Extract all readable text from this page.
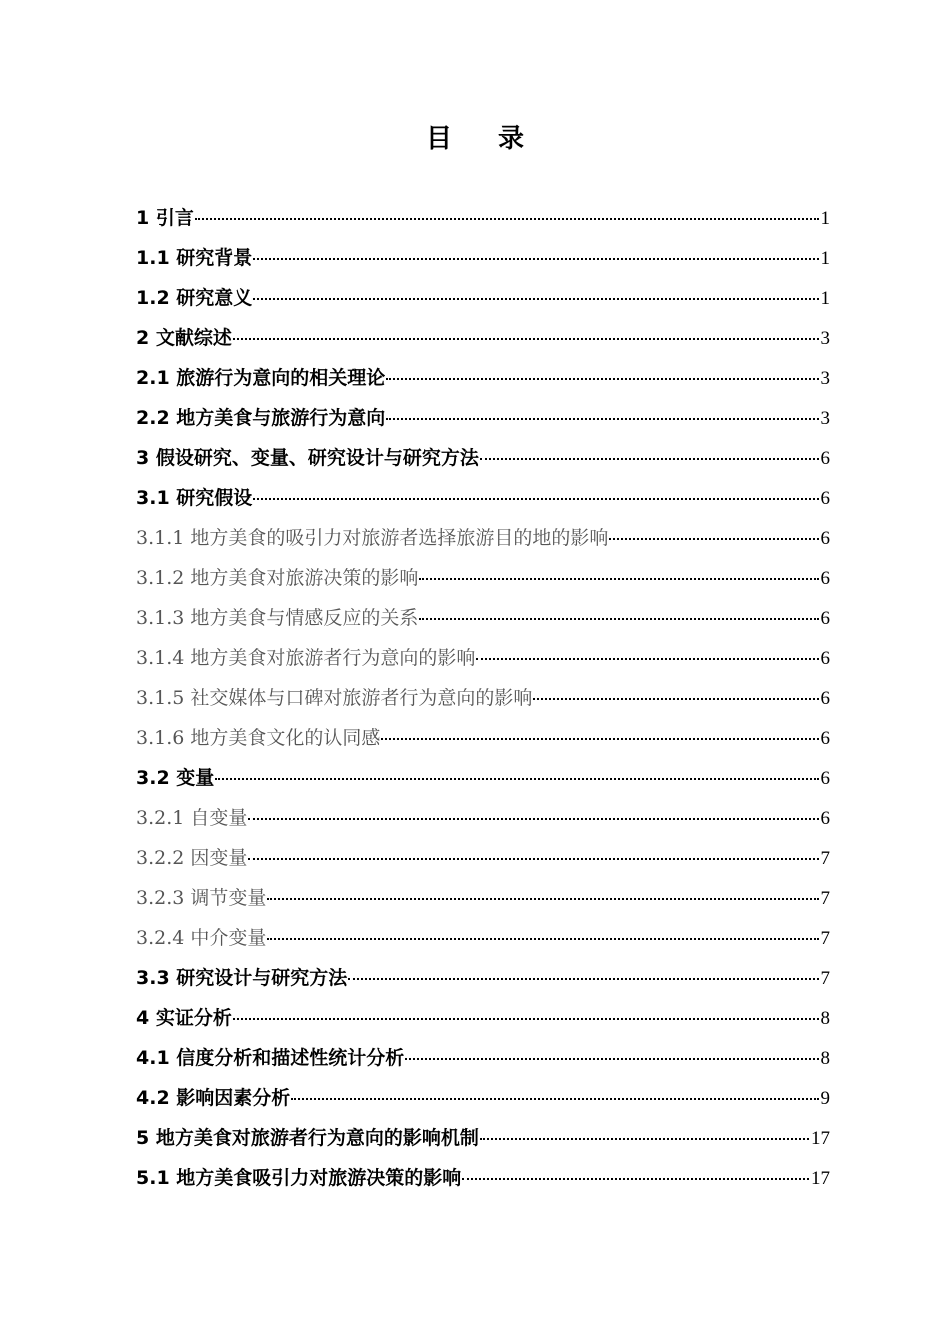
目 录
1 引言	1
1.1 研究背景	1
1.2 研究意义	1
2 文献综述	3
2.1 旅游行为意向的相关理论	3
2.2 地方美食与旅游行为意向	3
3 假设研究、变量、研究设计与研究方法	6
3.1 研究假设	6
3.1.1 地方美食的吸引力对旅游者选择旅游目的地的影响	6
3.1.2 地方美食对旅游决策的影响	6
3.1.3 地方美食与情感反应的关系	6
3.1.4 地方美食对旅游者行为意向的影响	6
3.1.5 社交媒体与口碑对旅游者行为意向的影响	6
3.1.6 地方美食文化的认同感	6
3.2 变量	6
3.2.1 自变量	6
3.2.2 因变量	7
3.2.3 调节变量	7
3.2.4 中介变量	7
3.3 研究设计与研究方法	7
4 实证分析	8
4.1 信度分析和描述性统计分析	8
4.2 影响因素分析	9
5 地方美食对旅游者行为意向的影响机制	17
5.1 地方美食吸引力对旅游决策的影响	17
